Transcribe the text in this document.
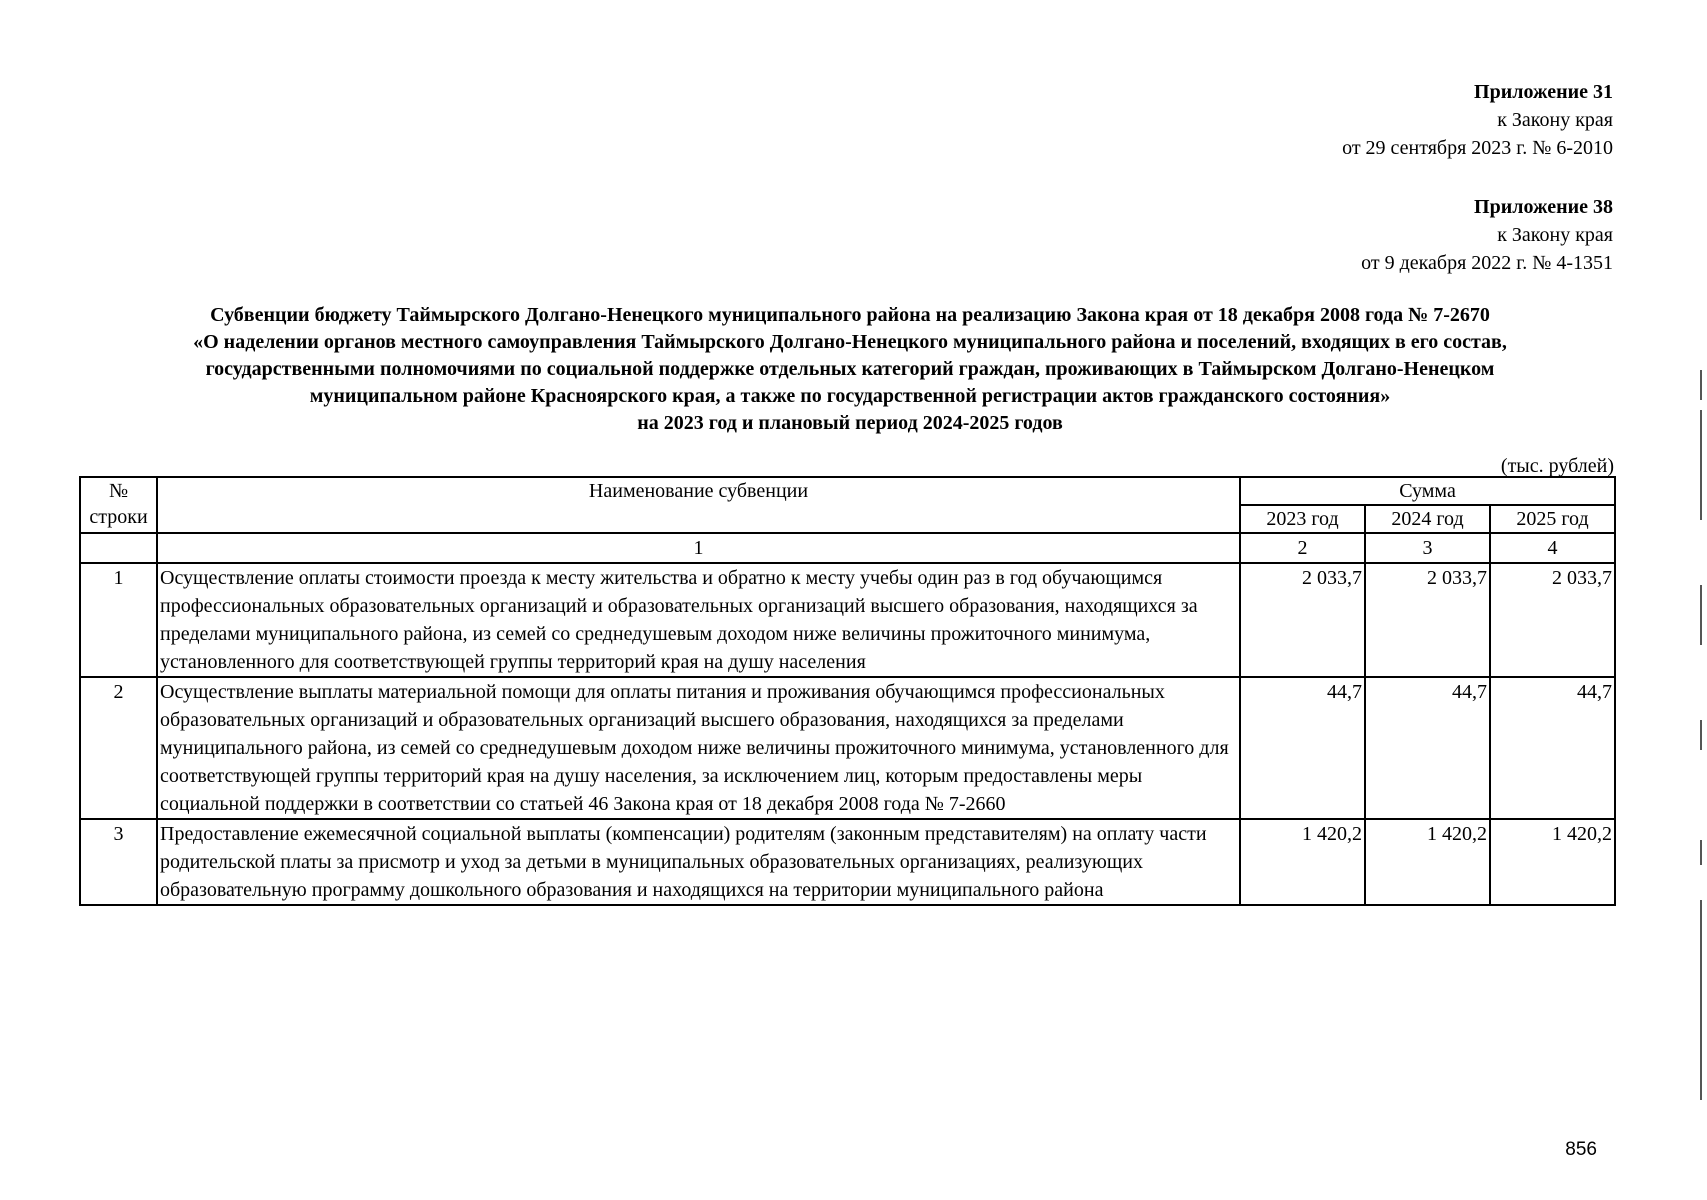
Приложение 31
к Закону края
от 29 сентября 2023 г. № 6-2010
Приложение 38
к Закону края
от 9 декабря 2022 г. № 4-1351
Субвенции бюджету Таймырского Долгано-Ненецкого муниципального района на реализацию Закона края от 18 декабря 2008 года № 7-2670
«О наделении органов местного самоуправления Таймырского Долгано-Ненецкого муниципального района и поселений, входящих в его состав,
государственными полномочиями по социальной поддержке отдельных категорий граждан, проживающих в Таймырском Долгано-Ненецком
муниципальном районе Красноярского края, а также по государственной регистрации актов гражданского состояния»
на 2023 год и плановый период 2024-2025 годов
(тыс. рублей)
№ строки	Наименование субвенции	Сумма		
		2023 год	2024 год	2025 год
	1	2	3	4
1	Осуществление оплаты стоимости проезда к месту жительства и обратно к месту учебы один раз в год обучающимся профессиональных образовательных организаций и образовательных организаций высшего образования, находящихся за пределами муниципального района, из семей со среднедушевым доходом ниже величины прожиточного минимума, установленного для соответствующей группы территорий края на душу населения	2 033,7	2 033,7	2 033,7
2	Осуществление выплаты материальной помощи для оплаты питания и проживания обучающимся профессиональных образовательных организаций и образовательных организаций высшего образования, находящихся за пределами муниципального района, из семей со среднедушевым доходом ниже величины прожиточного минимума, установленного для соответствующей группы территорий края на душу населения, за исключением лиц, которым предоставлены меры социальной поддержки в соответствии со статьей 46 Закона края от 18 декабря 2008 года № 7-2660	44,7	44,7	44,7
3	Предоставление ежемесячной социальной выплаты (компенсации) родителям (законным представителям) на оплату части родительской платы за присмотр и уход за детьми в муниципальных образовательных организациях, реализующих образовательную программу дошкольного образования и находящихся на территории муниципального района	1 420,2	1 420,2	1 420,2
856
